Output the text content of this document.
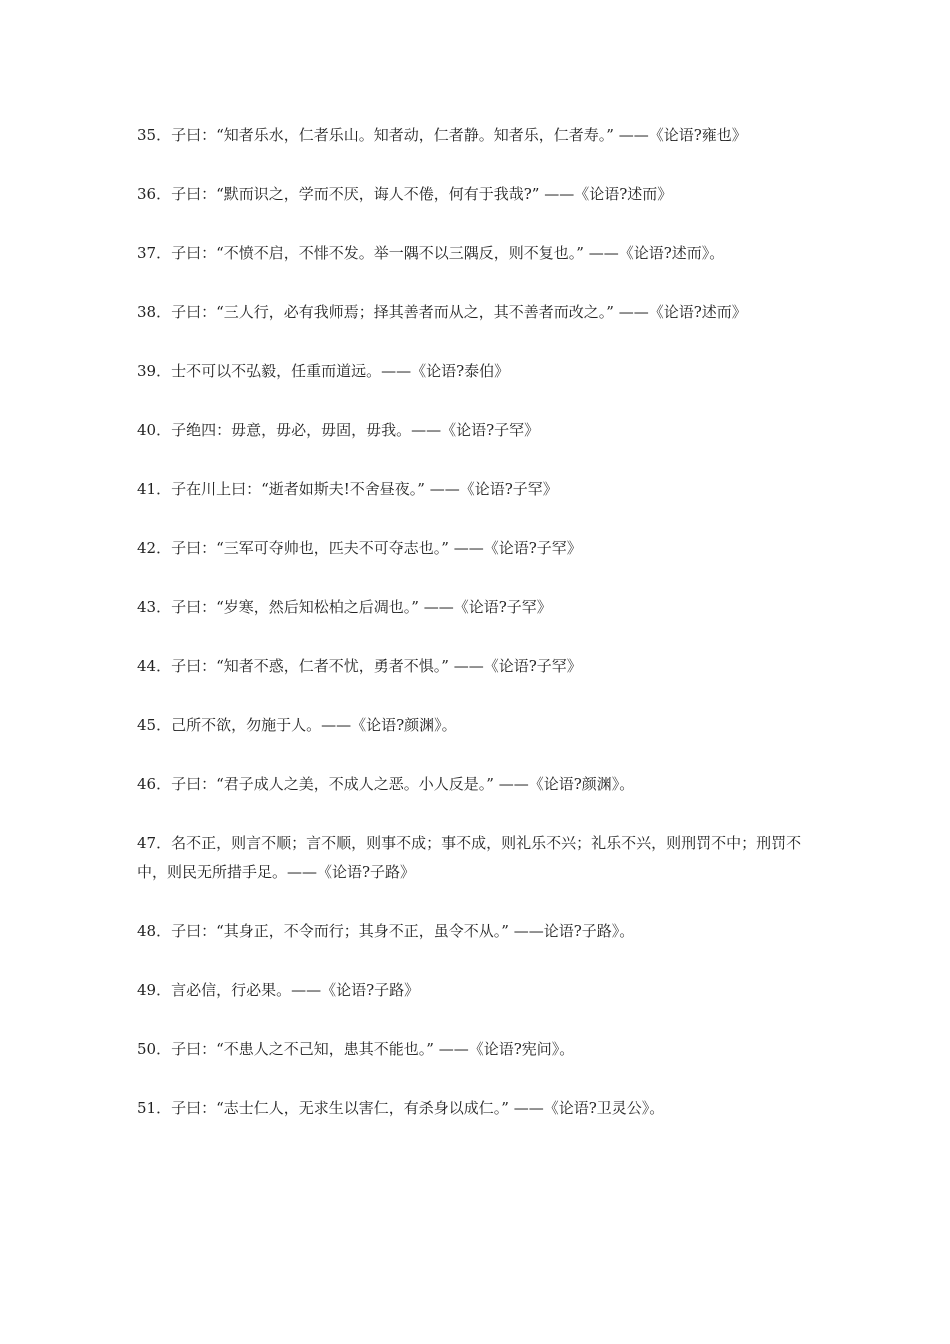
35．子曰：“知者乐水，仁者乐山。知者动，仁者静。知者乐，仁者寿。” ——《论语?雍也》

36．子曰：“默而识之，学而不厌，诲人不倦，何有于我哉?” ——《论语?述而》

37．子曰：“不愤不启，不悱不发。举一隅不以三隅反，则不复也。” ——《论语?述而》。

38．子曰：“三人行，必有我师焉；择其善者而从之，其不善者而改之。” ——《论语?述而》

39．士不可以不弘毅，任重而道远。——《论语?泰伯》

40．子绝四：毋意，毋必，毋固，毋我。——《论语?子罕》

41．子在川上曰：“逝者如斯夫!不舍昼夜。” ——《论语?子罕》

42．子曰：“三军可夺帅也，匹夫不可夺志也。” ——《论语?子罕》

43．子曰：“岁寒，然后知松柏之后凋也。” ——《论语?子罕》

44．子曰：“知者不惑，仁者不忧，勇者不惧。” ——《论语?子罕》

45．己所不欲，勿施于人。——《论语?颜渊》。

46．子曰：“君子成人之美，不成人之恶。小人反是。” ——《论语?颜渊》。

47．名不正，则言不顺；言不顺，则事不成；事不成，则礼乐不兴；礼乐不兴，则刑罚不中；刑罚不中，则民无所措手足。——《论语?子路》

48．子曰：“其身正，不令而行；其身不正，虽令不从。” ——论语?子路》。

49．言必信，行必果。——《论语?子路》

50．子曰：“不患人之不己知，患其不能也。” ——《论语?宪问》。

51．子曰：“志士仁人，无求生以害仁，有杀身以成仁。” ——《论语?卫灵公》。
